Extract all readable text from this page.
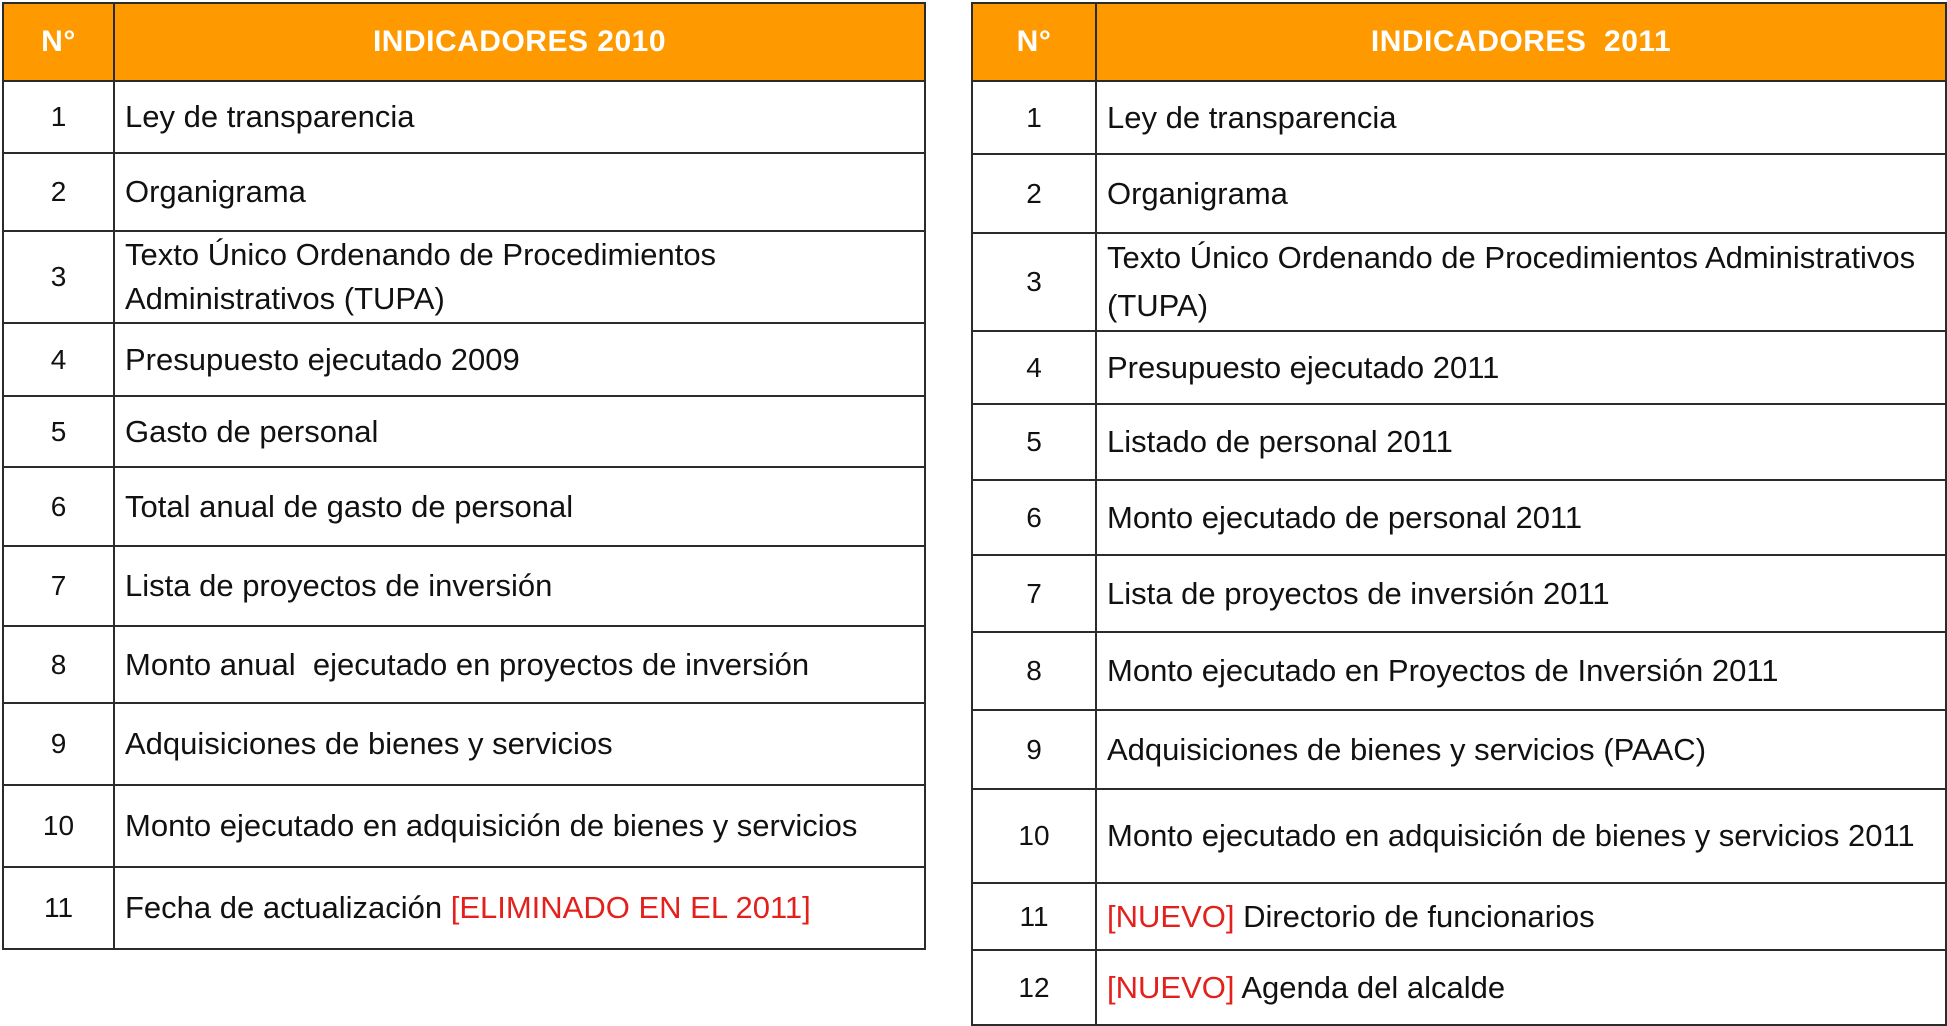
N°	INDICADORES 2010
1	Ley de transparencia
2	Organigrama
3	Texto Único Ordenando de Procedimientos Administrativos (TUPA)
4	Presupuesto ejecutado 2009
5	Gasto de personal
6	Total anual de gasto de personal
7	Lista de proyectos de inversión
8	Monto anual  ejecutado en proyectos de inversión
9	Adquisiciones de bienes y servicios
10	Monto ejecutado en adquisición de bienes y servicios
11	Fecha de actualización [ELIMINADO EN EL 2011]
N°	INDICADORES  2011
1	Ley de transparencia
2	Organigrama
3	Texto Único Ordenando de Procedimientos Administrativos (TUPA)
4	Presupuesto ejecutado 2011
5	Listado de personal 2011
6	Monto ejecutado de personal 2011
7	Lista de proyectos de inversión 2011
8	Monto ejecutado en Proyectos de Inversión 2011
9	Adquisiciones de bienes y servicios (PAAC)
10	Monto ejecutado en adquisición de bienes y servicios 2011
11	[NUEVO] Directorio de funcionarios
12	[NUEVO] Agenda del alcalde
